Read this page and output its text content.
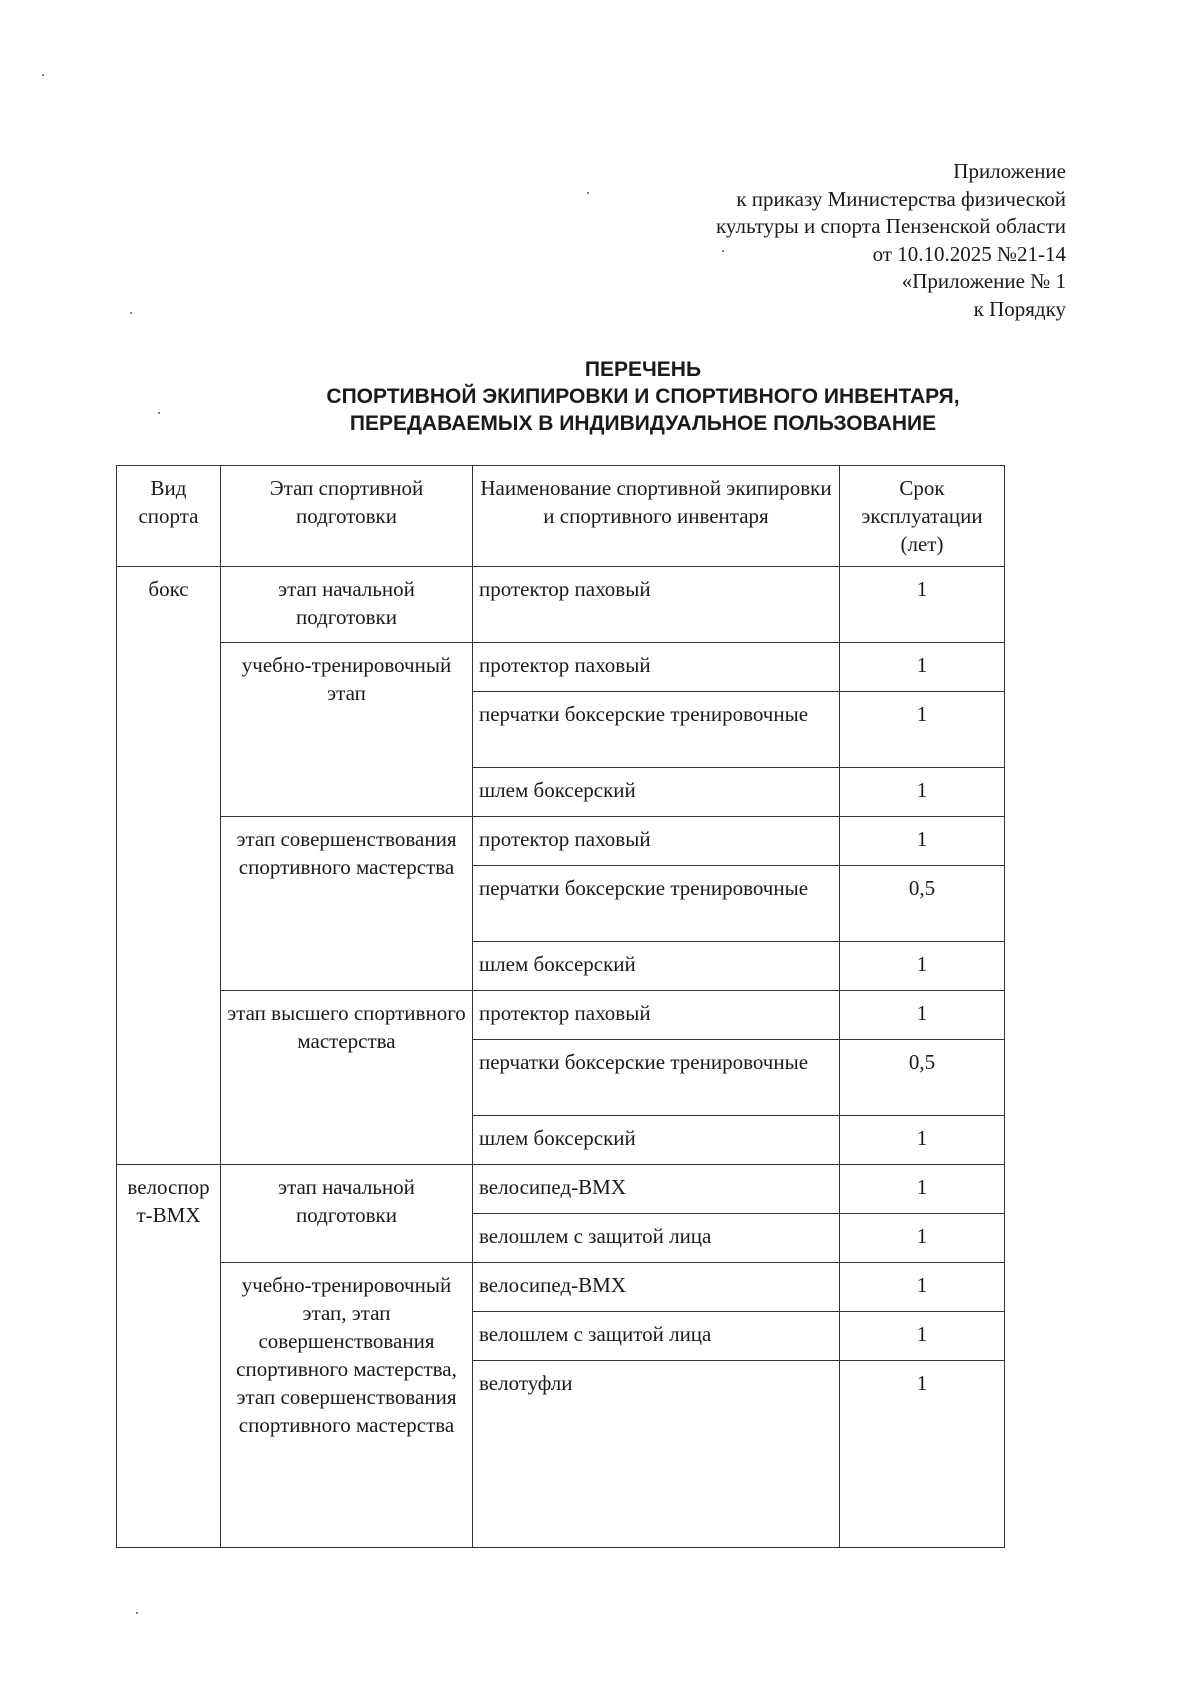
Приложение
к приказу Министерства физической
культуры и спорта Пензенской области
от 10.10.2025 №21-14
«Приложение № 1
к Порядку
ПЕРЕЧЕНЬ
СПОРТИВНОЙ ЭКИПИРОВКИ И СПОРТИВНОГО ИНВЕНТАРЯ,
ПЕРЕДАВАЕМЫХ В ИНДИВИДУАЛЬНОЕ ПОЛЬЗОВАНИЕ
Вид спорта	Этап спортивной подготовки	Наименование спортивной экипировки и спортивного инвентаря	Срок эксплуатации (лет)
бокс	этап начальной подготовки	протектор паховый	1
	учебно-тренировочный этап	протектор паховый	1
		перчатки боксерские тренировочные	1
		шлем боксерский	1
	этап совершенствования спортивного мастерства	протектор паховый	1
		перчатки боксерские тренировочные	0,5
		шлем боксерский	1
	этап высшего спортивного мастерства	протектор паховый	1
		перчатки боксерские тренировочные	0,5
		шлем боксерский	1
велоспорт-BMX	этап начальной подготовки	велосипед-BMX	1
		велошлем с защитой лица	1
	учебно-тренировочный этап, этап совершенствования спортивного мастерства, этап совершенствования спортивного мастерства	велосипед-BMX	1
		велошлем с защитой лица	1
		велотуфли	1
